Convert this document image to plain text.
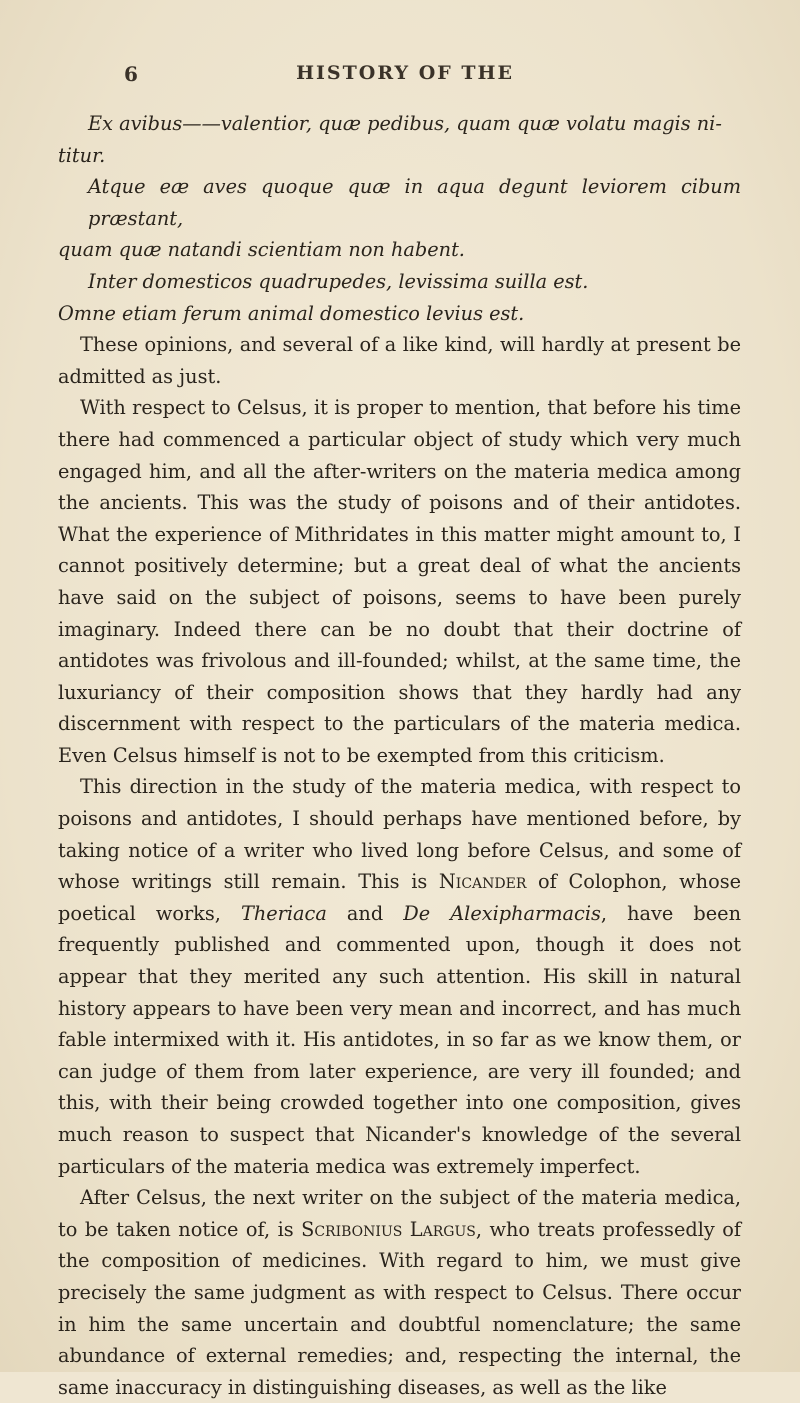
6	HISTORY OF THE

Ex avibus——valentior, quæ pedibus, quam quæ volatu magis ni-

titur.

Atque eæ aves quoque quæ in aqua degunt leviorem cibum præstant,

quam quæ natandi scientiam non habent.

Inter domesticos quadrupedes, levissima suilla est.

Omne etiam ferum animal domestico levius est.

These opinions, and several of a like kind, will hardly at present be admitted as just.

With respect to Celsus, it is proper to mention, that before his time there had commenced a particular object of study which very much engaged him, and all the after-writers on the materia medica among the ancients. This was the study of poisons and of their antidotes. What the experience of Mithridates in this matter might amount to, I cannot positively determine; but a great deal of what the ancients have said on the subject of poisons, seems to have been purely imaginary. Indeed there can be no doubt that their doctrine of antidotes was frivolous and ill-founded; whilst, at the same time, the luxuriancy of their composition shows that they hardly had any discernment with respect to the particulars of the materia medica. Even Celsus himself is not to be exempted from this criticism.

This direction in the study of the materia medica, with respect to poisons and antidotes, I should perhaps have mentioned before, by taking notice of a writer who lived long before Celsus, and some of whose writings still remain. This is Nicander of Colophon, whose poetical works, Theriaca and De Alexipharmacis, have been frequently published and commented upon, though it does not appear that they merited any such attention. His skill in natural history appears to have been very mean and incorrect, and has much fable intermixed with it. His antidotes, in so far as we know them, or can judge of them from later experience, are very ill founded; and this, with their being crowded together into one composition, gives much reason to suspect that Nicander's knowledge of the several particulars of the materia medica was extremely imperfect.

After Celsus, the next writer on the subject of the materia medica, to be taken notice of, is Scribonius Largus, who treats professedly of the composition of medicines. With regard to him, we must give precisely the same judgment as with respect to Celsus. There occur in him the same uncertain and doubtful nomenclature; the same abundance of external remedies; and, respecting the internal, the same inaccuracy in distinguishing diseases, as well as the like
